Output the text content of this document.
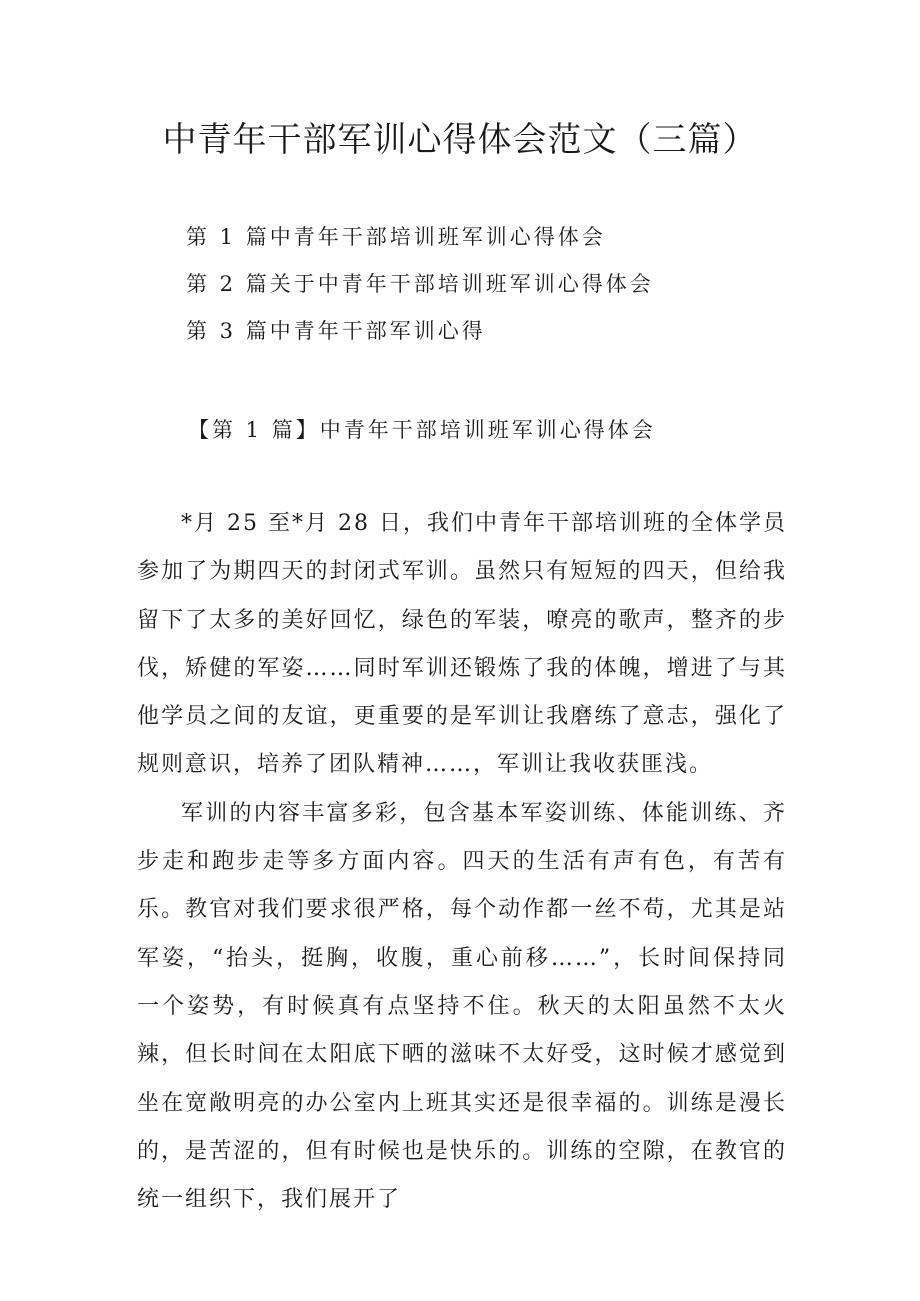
中青年干部军训心得体会范文（三篇）
第 1 篇中青年干部培训班军训心得体会
第 2 篇关于中青年干部培训班军训心得体会
第 3 篇中青年干部军训心得
【第 1 篇】中青年干部培训班军训心得体会

*月 25 至*月 28 日，我们中青年干部培训班的全体学员参加了为期四天的封闭式军训。虽然只有短短的四天，但给我留下了太多的美好回忆，绿色的军装，嘹亮的歌声，整齐的步伐，矫健的军姿……同时军训还锻炼了我的体魄，增进了与其他学员之间的友谊，更重要的是军训让我磨练了意志，强化了规则意识，培养了团队精神……，军训让我收获匪浅。

军训的内容丰富多彩，包含基本军姿训练、体能训练、齐步走和跑步走等多方面内容。四天的生活有声有色，有苦有乐。教官对我们要求很严格，每个动作都一丝不苟，尤其是站军姿，“抬头，挺胸，收腹，重心前移……”，长时间保持同一个姿势，有时候真有点坚持不住。秋天的太阳虽然不太火辣，但长时间在太阳底下晒的滋味不太好受，这时候才感觉到坐在宽敞明亮的办公室内上班其实还是很幸福的。训练是漫长的，是苦涩的，但有时候也是快乐的。训练的空隙，在教官的统一组织下，我们展开了
